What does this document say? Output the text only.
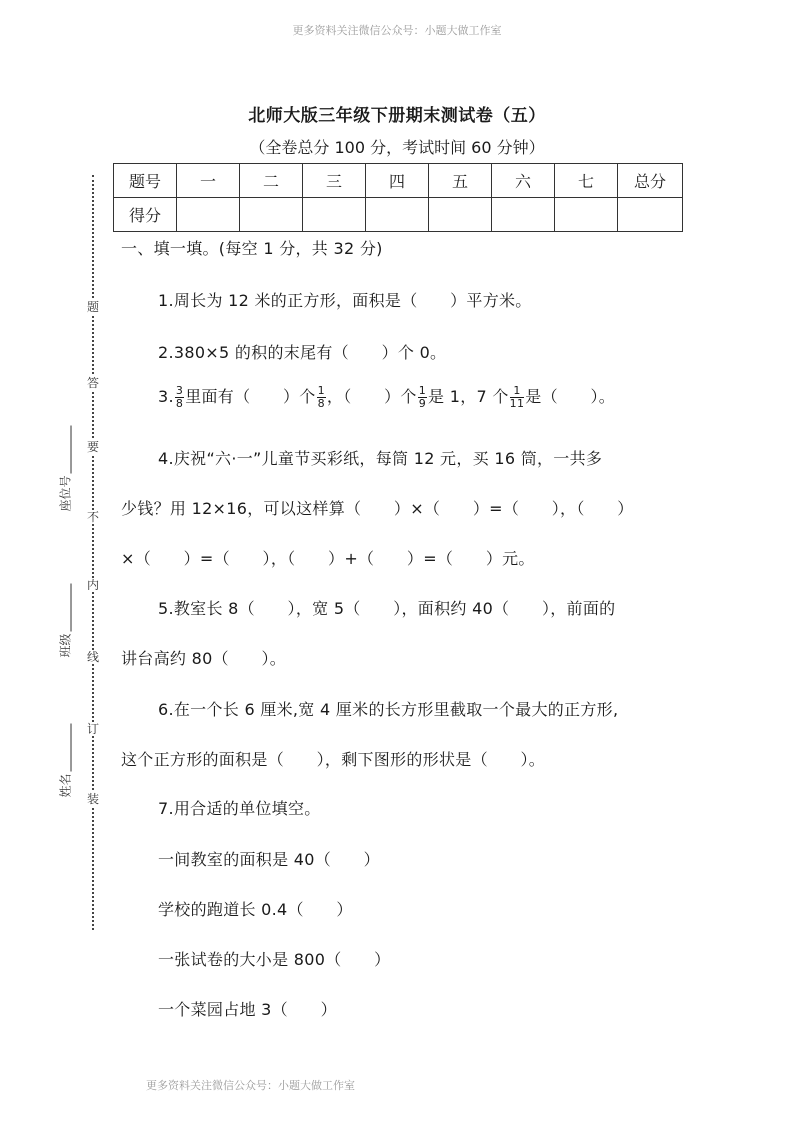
更多资料关注微信公众号：小题大做工作室
北师大版三年级下册期末测试卷（五）
（全卷总分 100 分，考试时间 60 分钟）
题号	一	二	三	四	五	六	七	总分
得分								
题
答
要
不
内
线
订
装
座位号
班级
姓名
一、填一填。(每空 1 分，共 32 分)
1.周长为 12 米的正方形，面积是（　　）平方米。
2.380×5 的积的末尾有（　　）个 0。
3. $\frac{3}{8}$ 里面有（　　）个 $\frac{1}{8}$ ，（　　）个 $\frac{1}{9}$ 是 1，7 个 $\frac{1}{11}$ 是（　　）。
4.庆祝“六·一”儿童节买彩纸，每筒 12 元，买 16 筒，一共多
少钱？用 12×16，可以这样算（　　）×（　　）=（　　），（　　）
×（　　）=（　　），（　　）+（　　）=（　　）元。
5.教室长 8（　　），宽 5（　　），面积约 40（　　），前面的
讲台高约 80（　　）。
6.在一个长 6 厘米,宽 4 厘米的长方形里截取一个最大的正方形,
这个正方形的面积是（　　），剩下图形的形状是（　　）。
7.用合适的单位填空。
一间教室的面积是 40（　　）
学校的跑道长 0.4（　　）
一张试卷的大小是 800（　　）
一个菜园占地 3（　　）
更多资料关注微信公众号：小题大做工作室
